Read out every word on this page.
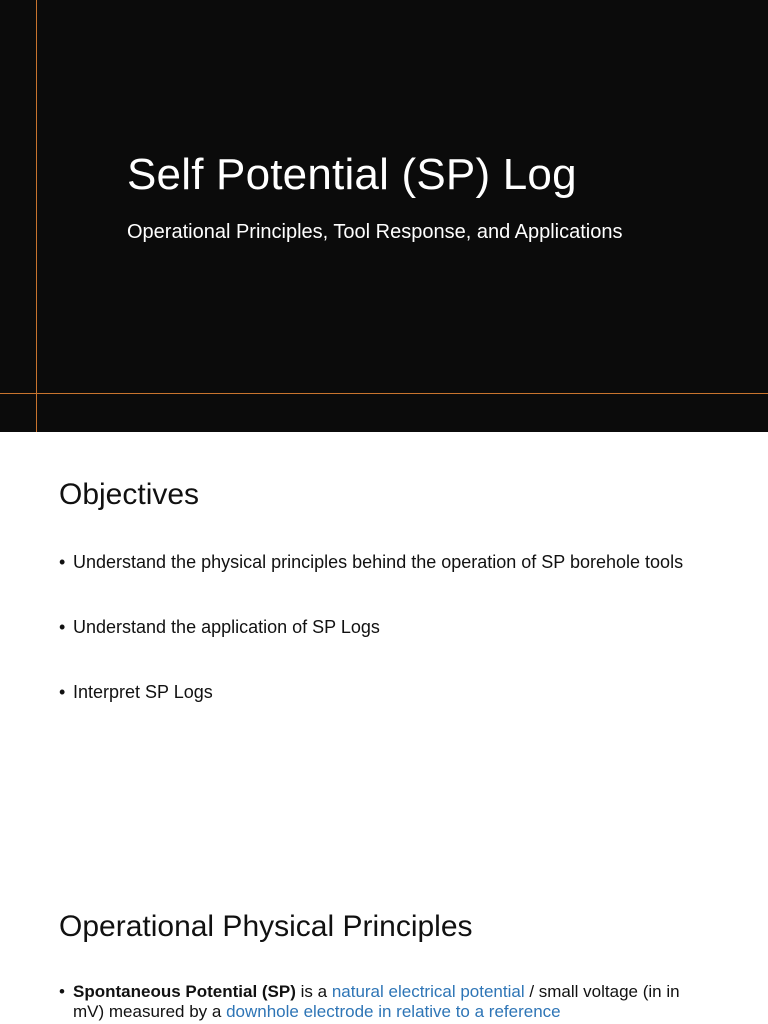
Self Potential (SP) Log

Operational Principles, Tool Response, and Applications

Objectives
• Understand the physical principles behind the operation of SP borehole tools
• Understand the application of SP Logs
• Interpret SP Logs
Operational Physical Principles
• Spontaneous Potential (SP) is a natural electrical potential / small voltage (in in mV) measured by a downhole electrode in relative to a reference
